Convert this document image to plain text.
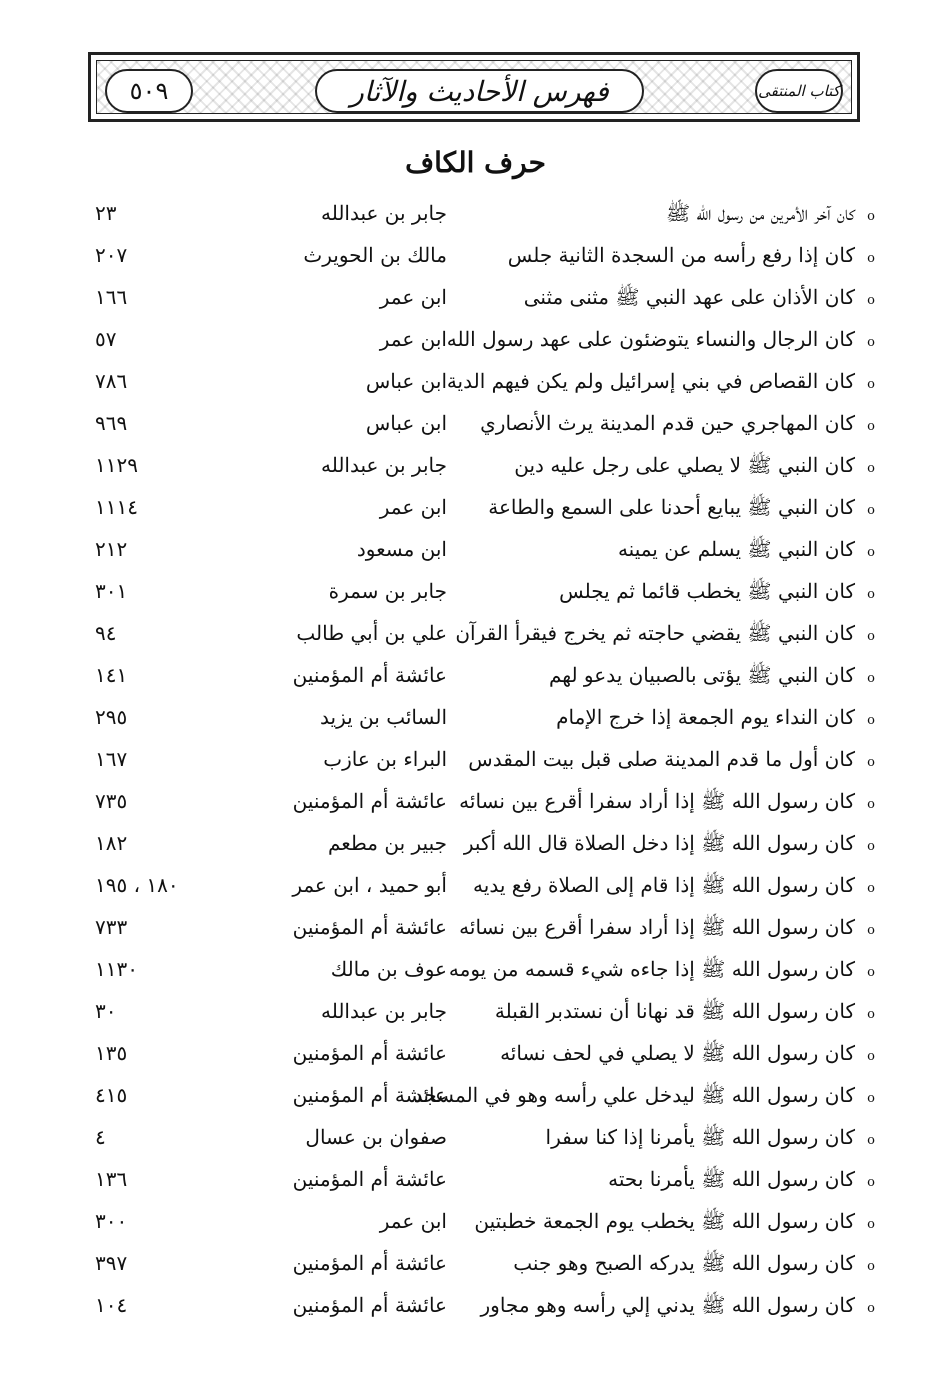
٥٠٩	فهرس الأحاديث والآثار	كتاب المنتقى
حرف الكاف
ο
كان آخر الأمرين من رسول الله ﷺ
جابر بن عبدالله
٢٣
ο
كان إذا رفع رأسه من السجدة الثانية جلس
مالك بن الحويرث
٢٠٧
ο
كان الأذان على عهد النبي ﷺ مثنى مثنى
ابن عمر
١٦٦
ο
كان الرجال والنساء يتوضئون على عهد رسول الله
ابن عمر
٥٧
ο
كان القصاص في بني إسرائيل ولم يكن فيهم الدية
ابن عباس
٧٨٦
ο
كان المهاجري حين قدم المدينة يرث الأنصاري
ابن عباس
٩٦٩
ο
كان النبي ﷺ لا يصلي على رجل عليه دين
جابر بن عبدالله
١١٢٩
ο
كان النبي ﷺ يبايع أحدنا على السمع والطاعة
ابن عمر
١١١٤
ο
كان النبي ﷺ يسلم عن يمينه
ابن مسعود
٢١٢
ο
كان النبي ﷺ يخطب قائما ثم يجلس
جابر بن سمرة
٣٠١
ο
كان النبي ﷺ يقضي حاجته ثم يخرج فيقرأ القرآن
علي بن أبي طالب
٩٤
ο
كان النبي ﷺ يؤتى بالصبيان يدعو لهم
عائشة أم المؤمنين
١٤١
ο
كان النداء يوم الجمعة إذا خرج الإمام
السائب بن يزيد
٢٩٥
ο
كان أول ما قدم المدينة صلى قبل بيت المقدس
البراء بن عازب
١٦٧
ο
كان رسول الله ﷺ إذا أراد سفرا أقرع بين نسائه
عائشة أم المؤمنين
٧٣٥
ο
كان رسول الله ﷺ إذا دخل الصلاة قال الله أكبر
جبير بن مطعم
١٨٢
ο
كان رسول الله ﷺ إذا قام إلى الصلاة رفع يديه
أبو حميد ، ابن عمر
١٨٠ ، ١٩٥
ο
كان رسول الله ﷺ إذا أراد سفرا أقرع بين نسائه
عائشة أم المؤمنين
٧٣٣
ο
كان رسول الله ﷺ إذا جاءه شيء قسمه من يومه
عوف بن مالك
١١٣٠
ο
كان رسول الله ﷺ قد نهانا أن نستدبر القبلة
جابر بن عبدالله
٣٠
ο
كان رسول الله ﷺ لا يصلي في لحف نسائه
عائشة أم المؤمنين
١٣٥
ο
كان رسول الله ﷺ ليدخل علي رأسه وهو في المسجد
عائشة أم المؤمنين
٤١٥
ο
كان رسول الله ﷺ يأمرنا إذا كنا سفرا
صفوان بن عسال
٤
ο
كان رسول الله ﷺ يأمرنا بحته
عائشة أم المؤمنين
١٣٦
ο
كان رسول الله ﷺ يخطب يوم الجمعة خطبتين
ابن عمر
٣٠٠
ο
كان رسول الله ﷺ يدركه الصبح وهو جنب
عائشة أم المؤمنين
٣٩٧
ο
كان رسول الله ﷺ يدني إلي رأسه وهو مجاور
عائشة أم المؤمنين
١٠٤
